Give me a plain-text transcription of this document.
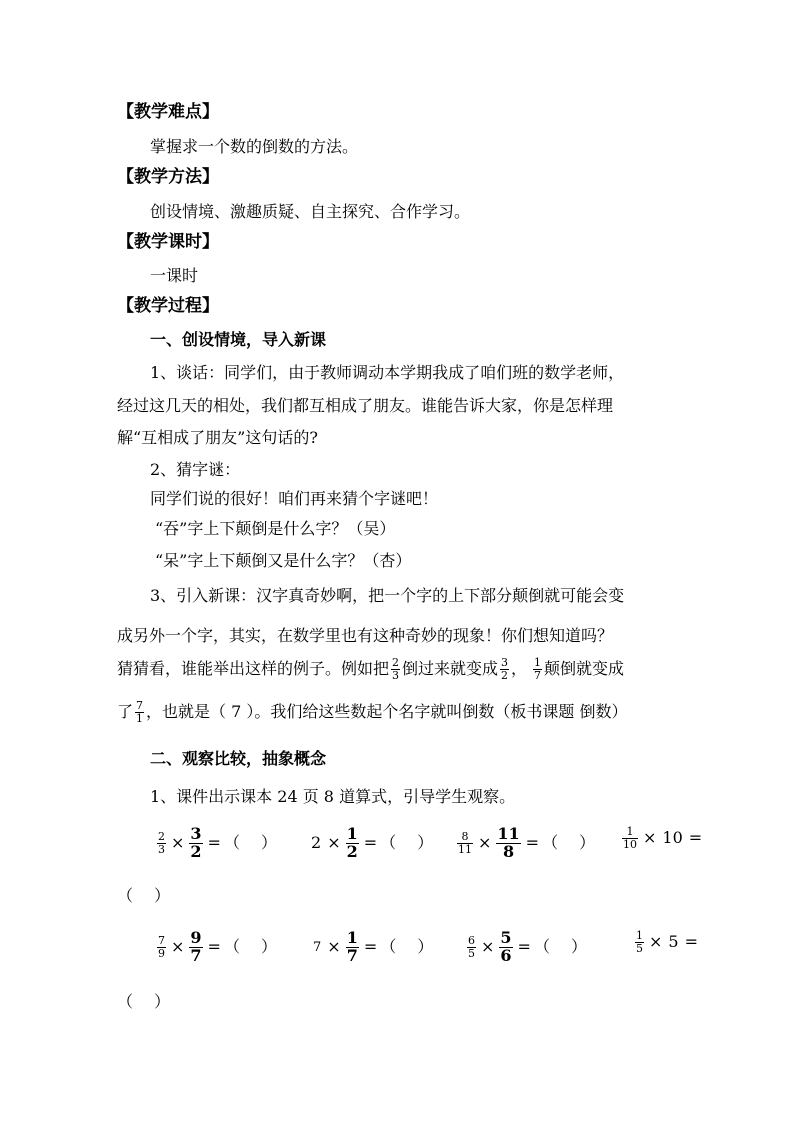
【教学难点】
掌握求一个数的倒数的方法。
【教学方法】
创设情境、激趣质疑、自主探究、合作学习。
【教学课时】
一课时
【教学过程】
一、创设情境，导入新课
1、谈话：同学们，由于教师调动本学期我成了咱们班的数学老师，
经过这几天的相处，我们都互相成了朋友。谁能告诉大家，你是怎样理
解“互相成了朋友”这句话的?
2、猜字谜：
同学们说的很好！咱们再来猜个字谜吧！
“吞”字上下颠倒是什么字？（吴）
“呆”字上下颠倒又是什么字？（杏）
3、引入新课：汉字真奇妙啊，把一个字的上下部分颠倒就可能会变
成另外一个字，其实，在数学里也有这种奇妙的现象！你们想知道吗？
猜猜看，谁能举出这样的例子。例如把 $\frac{2}{3}$ 倒过来就变成 $\frac{3}{2}$ ， $\frac{1}{7}$ 颠倒就变成
了 $\frac{7}{1}$ ，也就是（ 7 ）。我们给这些数起个名字就叫倒数（板书课题 倒数）
二、观察比较，抽象概念
1、课件出示课本 24 页 8 道算式，引导学生观察。
$\frac{2}{3} \times \frac{3}{2}$ = （　 ） $2 \times \frac{1}{2}$ = （　 ） $\frac{8}{11} \times \frac{11}{8}$ = （　 ） $\frac{1}{10} \times 10$ =
（　 ）
$\frac{7}{9} \times \frac{9}{7}$ = （　 ）	$7 \times \frac{1}{7}$ = （　 ）	$\frac{6}{5} \times \frac{5}{6}$ = （　 ）	$\frac{1}{5} \times 5$ =
（　 ）
